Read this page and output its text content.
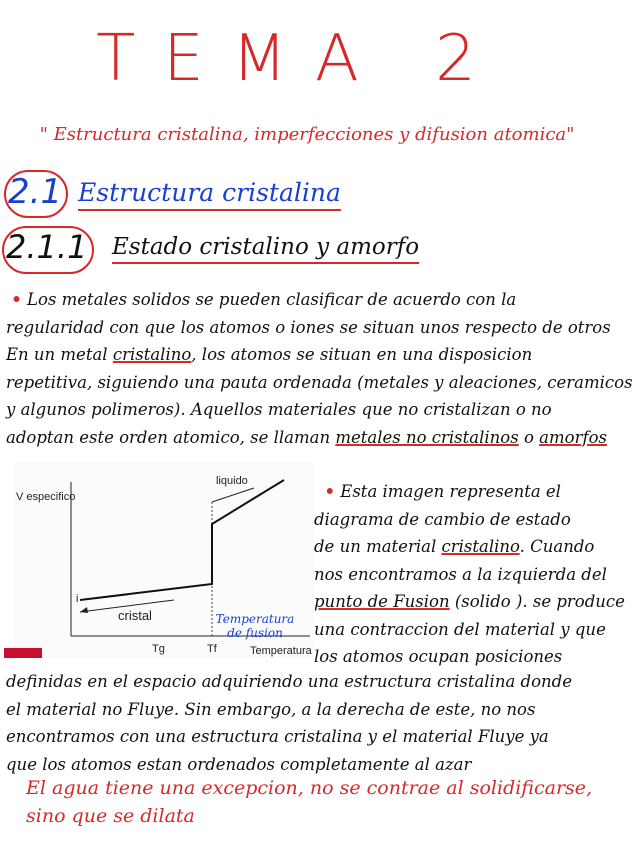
TEMA 2
" Estructura cristalina, imperfecciones y difusion atomica"
2.1 Estructura cristalina
2.1.1 Estado cristalino y amorfo

• Los metales solidos se pueden clasificar de acuerdo con la

regularidad con que los atomos o iones se situan unos respecto de otros

En un metal cristalino, los atomos se situan en una disposicion

repetitiva, siguiendo una pauta ordenada (metales y aleaciones, ceramicos

y algunos polimeros). Aquellos materiales que no cristalizan o no

adoptan este orden atomico, se llaman metales no cristalinos o amorfos

V especifico
Temperatura
Tg	Tf
liquido
cristal
i
Temperatura de fusion

• Esta imagen representa el

diagrama de cambio de estado

de un material cristalino. Cuando

nos encontramos a la izquierda del

punto de Fusion (solido ). se produce

una contraccion del material y que

los atomos ocupan posiciones

definidas en el espacio adquiriendo una estructura cristalina donde

el material no Fluye. Sin embargo, a la derecha de este, no nos

encontramos con una estructura cristalina y el material Fluye ya

que los atomos estan ordenados completamente al azar

El agua tiene una excepcion, no se contrae al solidificarse,

sino que se dilata
